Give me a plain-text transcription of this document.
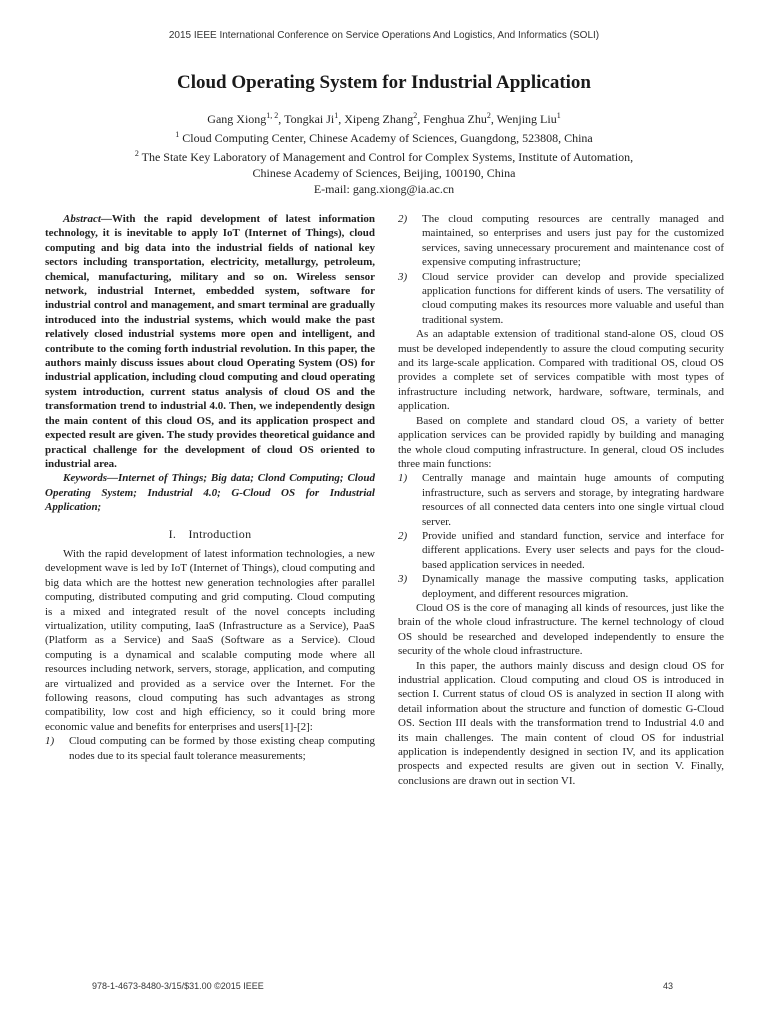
2015 IEEE International Conference on Service Operations And Logistics, And Informatics (SOLI)
Cloud Operating System for Industrial Application
Gang Xiong$^{1, 2}$, Tongkai Ji$^1$, Xipeng Zhang$^2$, Fenghua Zhu$^2$, Wenjing Liu$^1$
$^1$ Cloud Computing Center, Chinese Academy of Sciences, Guangdong, 523808, China
$^2$ The State Key Laboratory of Management and Control for Complex Systems, Institute of Automation,
Chinese Academy of Sciences, Beijing, 100190, China
E-mail: gang.xiong@ia.ac.cn

Abstract—With the rapid development of latest information technology, it is inevitable to apply IoT (Internet of Things), cloud computing and big data into the industrial fields of national key sectors including transportation, electricity, metallurgy, petroleum, chemical, manufacturing, military and so on. Wireless sensor network, industrial Internet, embedded system, software for industrial control and management, and smart terminal are gradually introduced into the industrial systems, which would make the past relatively closed industrial systems more open and intelligent, and contribute to the coming forth industrial revolution. In this paper, the authors mainly discuss issues about cloud Operating System (OS) for industrial application, including cloud computing and cloud operating system introduction, current status analysis of cloud OS and the transformation trend to industrial 4.0. Then, we independently design the main content of this cloud OS, and its application prospect and expected result are given. The study provides theoretical guidance and practical challenge for the development of cloud OS oriented to industrial area.

Keywords—Internet of Things; Big data; Clond Computing; Cloud Operating System; Industrial 4.0; G-Cloud OS for Industrial Application;

I. Introduction

With the rapid development of latest information technologies, a new development wave is led by IoT (Internet of Things), cloud computing and big data which are the hottest new generation technologies after parallel computing, distributed computing and grid computing. Cloud computing is a mixed and integrated result of the novel concepts including virtualization, utility computing, IaaS (Infrastructure as a Service), PaaS (Platform as a Service) and SaaS (Software as a Service). Cloud computing is a dynamical and scalable computing mode where all resources including network, servers, storage, application, and computing are virtualized and provided as a service over the Internet. For the following reasons, cloud computing has such advantages as strong compatibility, low cost and high efficiency, so it could bring more economic value and benefits for enterprises and users[1]-[2]:

1) Cloud computing can be formed by those existing cheap computing nodes due to its special fault tolerance measurements;
2) The cloud computing resources are centrally managed and maintained, so enterprises and users just pay for the customized services, saving unnecessary procurement and maintenance cost of expensive computing infrastructure;
3) Cloud service provider can develop and provide specialized application functions for different kinds of users. The versatility of cloud computing makes its resources more valuable and useful than traditional system.

As an adaptable extension of traditional stand-alone OS, cloud OS must be developed independently to assure the cloud computing security and its large-scale application. Compared with traditional OS, cloud OS provides a complete set of services compatible with most types of infrastructure including network, hardware, software, terminals, and application.

Based on complete and standard cloud OS, a variety of better application services can be provided rapidly by building and managing the whole cloud computing infrastructure. In general, cloud OS includes three main functions:

1) Centrally manage and maintain huge amounts of computing infrastructure, such as servers and storage, by integrating hardware resources of all connected data centers into one single virtual cloud server.
2) Provide unified and standard function, service and interface for different applications. Every user selects and pays for the cloud-based application services in needed.
3) Dynamically manage the massive computing tasks, application deployment, and different resources migration.

Cloud OS is the core of managing all kinds of resources, just like the brain of the whole cloud infrastructure. The kernel technology of cloud OS should be researched and developed independently to ensure the security of the whole cloud infrastructure.

In this paper, the authors mainly discuss and design cloud OS for industrial application. Cloud computing and cloud OS is introduced in section I. Current status of cloud OS is analyzed in section II along with detail information about the structure and function of domestic G-Cloud OS. Section III deals with the transformation trend to Industrial 4.0 and its main challenges. The main content of cloud OS for industrial application is independently designed in section IV, and its application prospects and expected results are given out in section V. Finally, conclusions are drawn out in section VI.

978-1-4673-8480-3/15/$31.00 ©2015 IEEE	43
